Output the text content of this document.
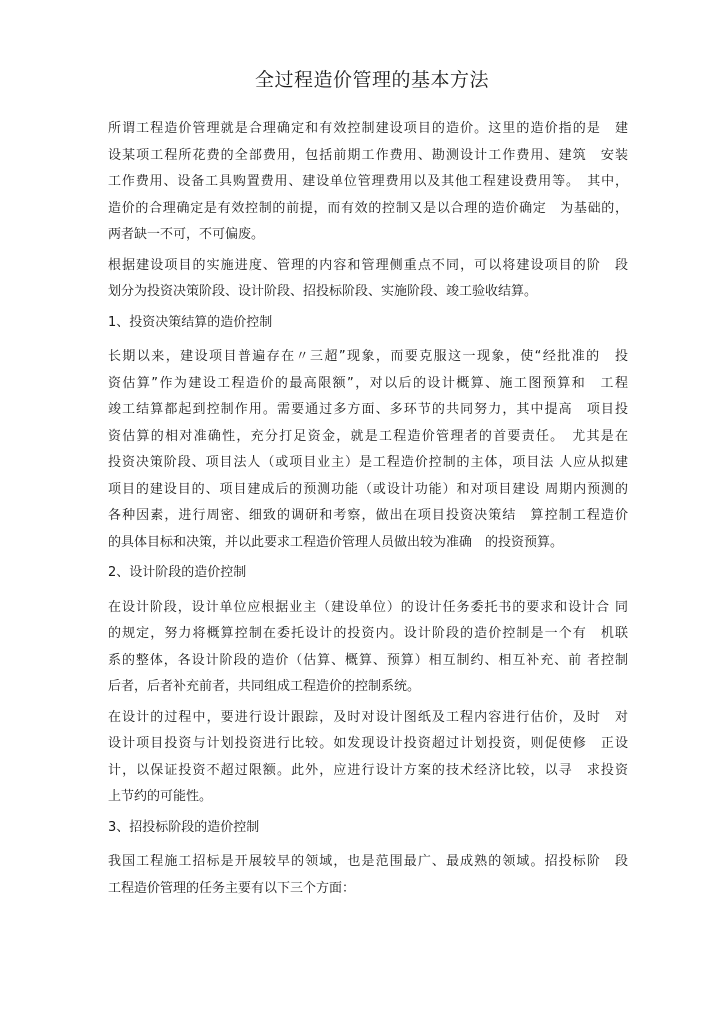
全过程造价管理的基本方法
所谓工程造价管理就是合理确定和有效控制建设项目的造价。这里的造价指的是　建
设某项工程所花费的全部费用，包括前期工作费用、勘测设计工作费用、建筑　安装
工作费用、设备工具购置费用、建设单位管理费用以及其他工程建设费用等。　其中，
造价的合理确定是有效控制的前提，而有效的控制又是以合理的造价确定　为基础的，
两者缺一不可，不可偏废。
根据建设项目的实施进度、管理的内容和管理侧重点不同，可以将建设项目的阶　段
划分为投资决策阶段、设计阶段、招投标阶段、实施阶段、竣工验收结算。
1、投资决策结算的造价控制
长期以来，建设项目普遍存在〃三超”现象，而要克服这一现象，使“经批准的　投
资估算”作为建设工程造价的最高限额”，对以后的设计概算、施工图预算和　工程
竣工结算都起到控制作用。需要通过多方面、多环节的共同努力，其中提高　项目投
资估算的相对准确性，充分打足资金，就是工程造价管理者的首要责任。　尤其是在
投资决策阶段、项目法人（或项目业主）是工程造价控制的主体，项目法 人应从拟建
项目的建设目的、项目建成后的预测功能（或设计功能）和对项目建设 周期内预测的
各种因素，进行周密、细致的调研和考察，做出在项目投资决策结　算控制工程造价
的具体目标和决策，并以此要求工程造价管理人员做出较为准确　的投资预算。
2、设计阶段的造价控制
在设计阶段，设计单位应根据业主（建设单位）的设计任务委托书的要求和设计合 同
的规定，努力将概算控制在委托设计的投资内。设计阶段的造价控制是一个有　机联
系的整体，各设计阶段的造价（估算、概算、预算）相互制约、相互补充、前 者控制
后者，后者补充前者，共同组成工程造价的控制系统。
在设计的过程中，要进行设计跟踪，及时对设计图纸及工程内容进行估价，及时　对
设计项目投资与计划投资进行比较。如发现设计投资超过计划投资，则促使修　正设
计，以保证投资不超过限额。此外，应进行设计方案的技术经济比较，以寻　求投资
上节约的可能性。
3、招投标阶段的造价控制
我国工程施工招标是开展较早的领域，也是范围最广、最成熟的领域。招投标阶　段
工程造价管理的任务主要有以下三个方面：
